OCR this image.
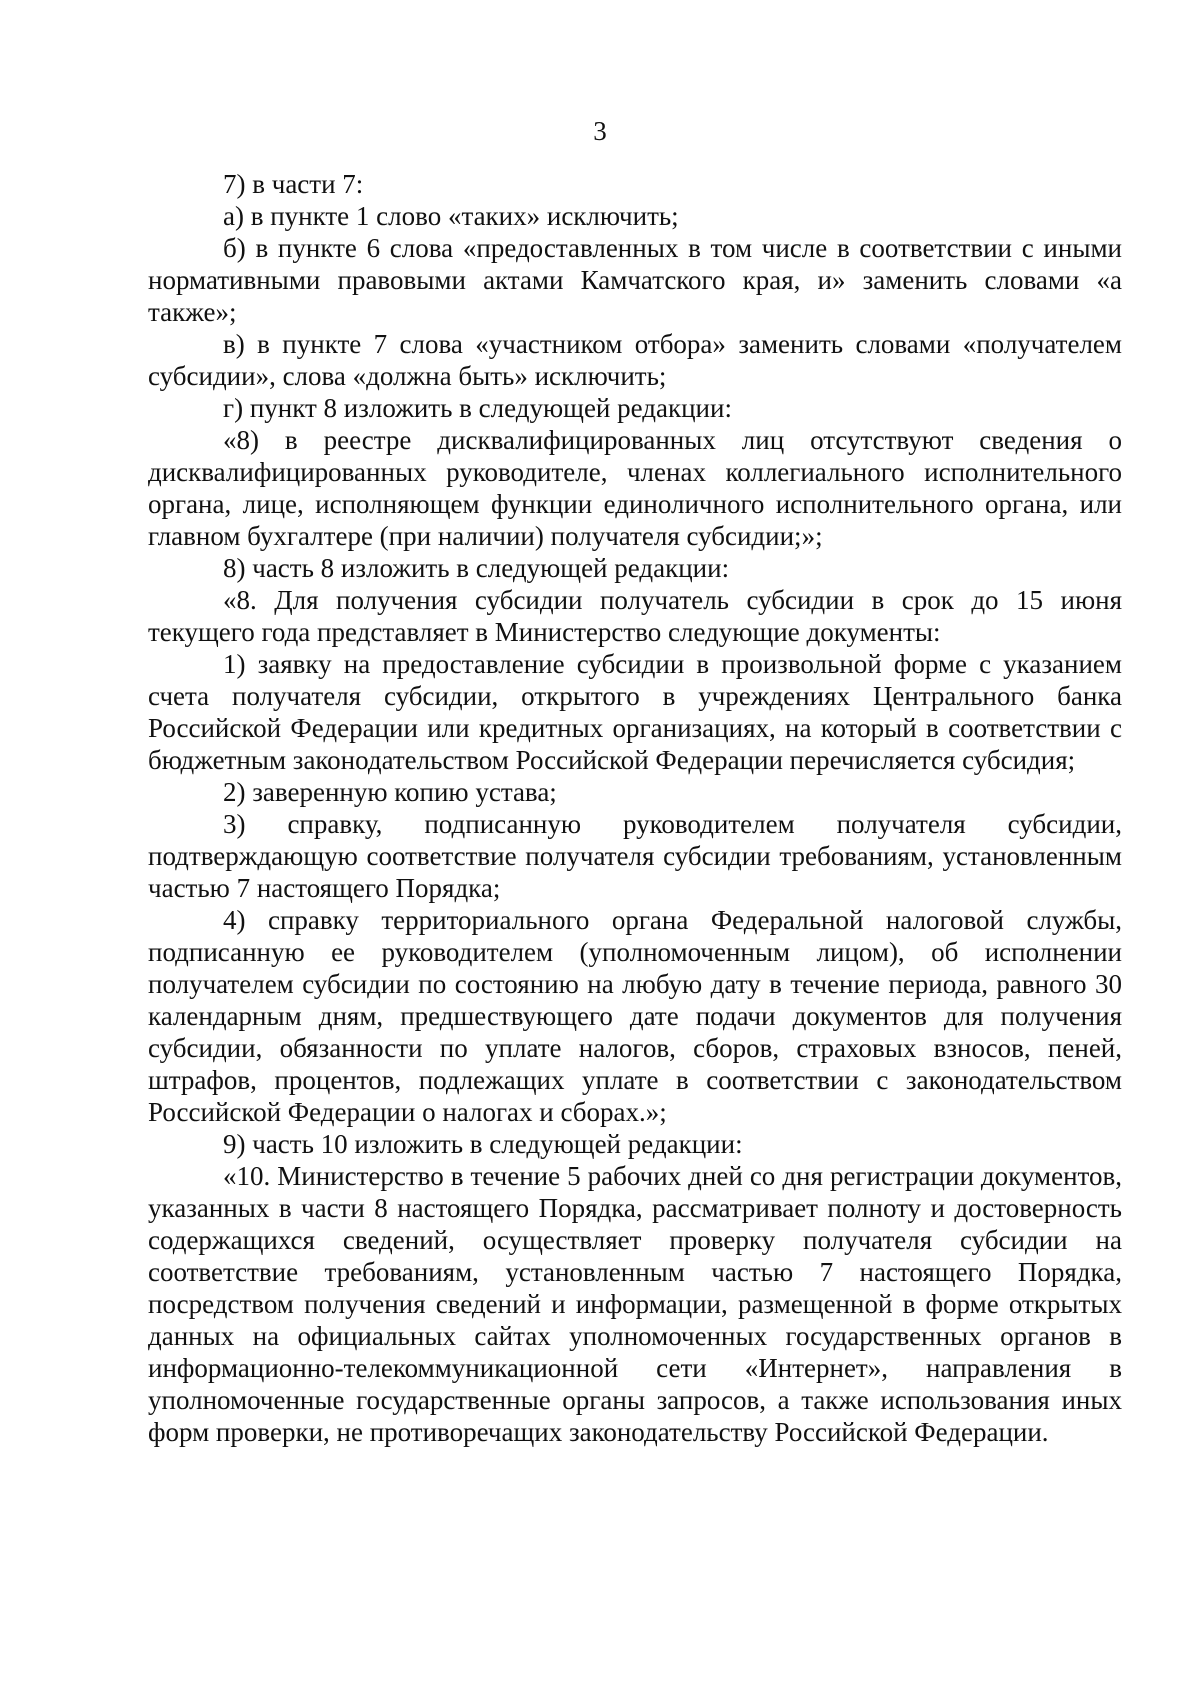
3

7) в части 7:

а) в пункте 1 слово «таких» исключить;

б) в пункте 6 слова «предоставленных в том числе в соответствии с иными нормативными правовыми актами Камчатского края, и» заменить словами «а также»;

в) в пункте 7 слова «участником отбора» заменить словами «получателем субсидии», слова «должна быть» исключить;

г) пункт 8 изложить в следующей редакции:

«8) в реестре дисквалифицированных лиц отсутствуют сведения о дисквалифицированных руководителе, членах коллегиального исполнительного органа, лице, исполняющем функции единоличного исполнительного органа, или главном бухгалтере (при наличии) получателя субсидии;»;

8) часть 8 изложить в следующей редакции:

«8. Для получения субсидии получатель субсидии в срок до 15 июня текущего года представляет в Министерство следующие документы:

1) заявку на предоставление субсидии в произвольной форме с указанием счета получателя субсидии, открытого в учреждениях Центрального банка Российской Федерации или кредитных организациях, на который в соответствии с бюджетным законодательством Российской Федерации перечисляется субсидия;

2) заверенную копию устава;

3) справку, подписанную руководителем получателя субсидии, подтверждающую соответствие получателя субсидии требованиям, установленным частью 7 настоящего Порядка;

4) справку территориального органа Федеральной налоговой службы, подписанную ее руководителем (уполномоченным лицом), об исполнении получателем субсидии по состоянию на любую дату в течение периода, равного 30 календарным дням, предшествующего дате подачи документов для получения субсидии, обязанности по уплате налогов, сборов, страховых взносов, пеней, штрафов, процентов, подлежащих уплате в соответствии с законодательством Российской Федерации о налогах и сборах.»;

9) часть 10 изложить в следующей редакции:

«10. Министерство в течение 5 рабочих дней со дня регистрации документов, указанных в части 8 настоящего Порядка, рассматривает полноту и достоверность содержащихся сведений, осуществляет проверку получателя субсидии на соответствие требованиям, установленным частью 7 настоящего Порядка, посредством получения сведений и информации, размещенной в форме открытых данных на официальных сайтах уполномоченных государственных органов в информационно-телекоммуникационной сети «Интернет», направления в уполномоченные государственные органы запросов, а также использования иных форм проверки, не противоречащих законодательству Российской Федерации.
